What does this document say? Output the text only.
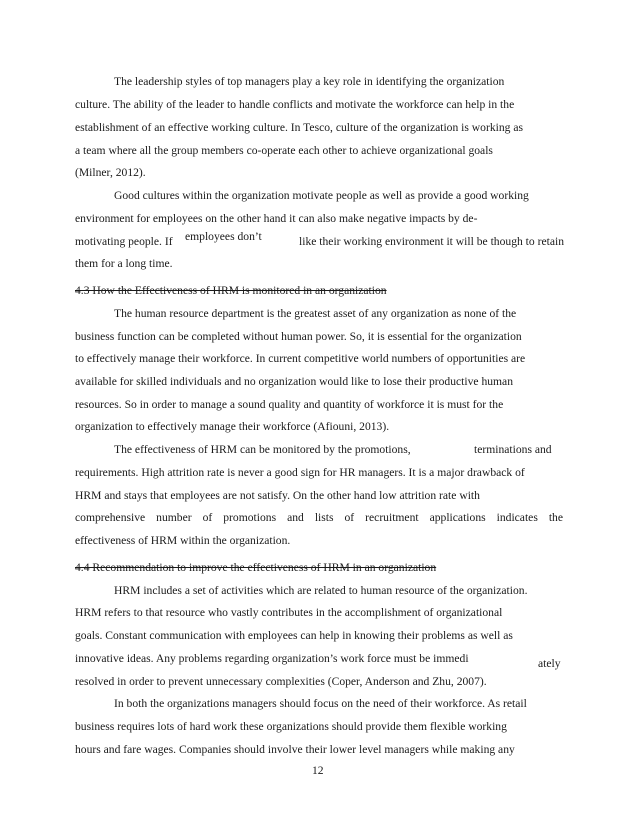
The leadership styles of top managers play a key role in identifying the organization

culture. The ability of the leader to handle conflicts and motivate the workforce can help in the

establishment of an effective working culture. In Tesco, culture of the organization is working as

a team where all the group members co-operate each other to achieve organizational goals

(Milner, 2012).

Good cultures within the organization motivate people as well as provide a good working

environment for employees on the other hand it can also make negative impacts by de-

motivating people. If employees don’t	like their working environment it will be though to retain

them for a long time.

4.3 How the Effectiveness of HRM is monitored in an organization

The human resource department is the greatest asset of any organization as none of the

business function can be completed without human power. So, it is essential for the organization

to effectively manage their workforce. In current competitive world numbers of opportunities are

available for skilled individuals and no organization would like to lose their productive human

resources. So in order to manage a sound quality and quantity of workforce it is must for the

organization to effectively manage their workforce (Afiouni, 2013).

The effectiveness of HRM can be monitored by the promotions,	terminations and

requirements. High attrition rate is never a good sign for HR managers. It is a major drawback of

HRM and stays that employees are not satisfy. On the other hand low attrition rate with

comprehensive number of promotions and lists of recruitment applications indicates the

effectiveness of HRM within the organization.

4.4 Recommendation to improve the effectiveness of HRM in an organization

HRM includes a set of activities which are related to human resource of the organization.

HRM refers to that resource who vastly contributes in the accomplishment of organizational

goals. Constant communication with employees can help in knowing their problems as well as

innovative ideas. Any problems regarding organization’s work force must be immedi	ately

resolved in order to prevent unnecessary complexities (Coper, Anderson and Zhu, 2007).

In both the organizations managers should focus on the need of their workforce. As retail

business requires lots of hard work these organizations should provide them flexible working

hours and fare wages. Companies should involve their lower level managers while making any

12
